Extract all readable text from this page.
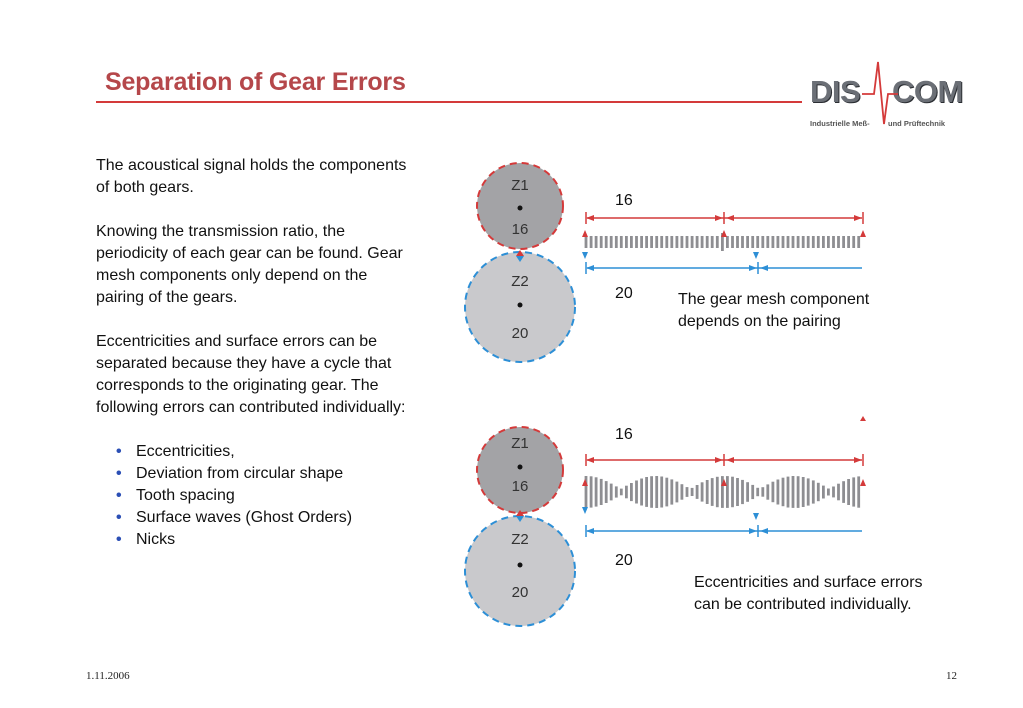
Separation of Gear Errors	DIS COM
Industrielle Meß- und Prüftechnik

The acoustical signal holds the components of both gears.

Knowing the transmission ratio, the periodicity of each gear can be found. Gear mesh components only depend on the pairing of the gears.

Eccentricities and surface errors can be separated because they have a cycle that corresponds to the originating gear. The following errors can contributed individually:

• Eccentricities,
• Deviation from circular shape
• Tooth spacing
• Surface waves (Ghost Orders)
• Nicks
Z1
16
Z2
20
16
20	The gear mesh component depends on the pairing
Z1
16
Z2
20
16
20
Eccentricities and surface errors can be contributed individually.
1.11.2006	12
